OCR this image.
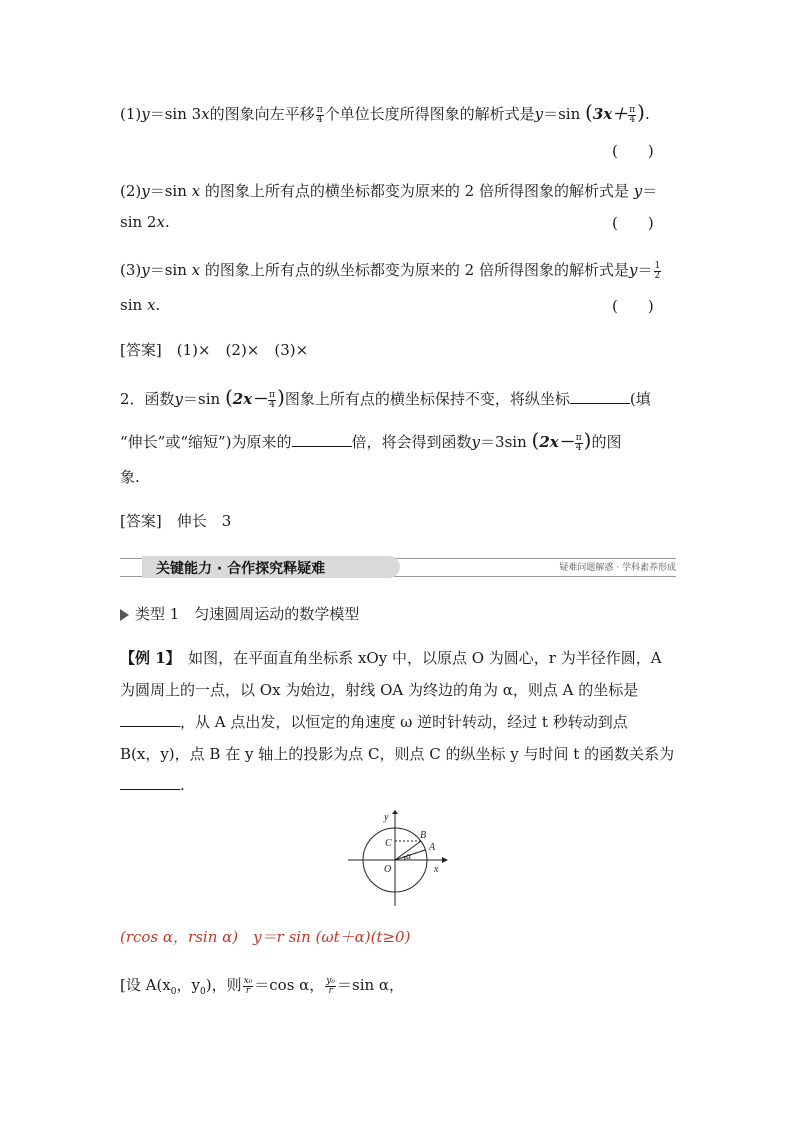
(1)y＝sin 3x的图象向左平移 $\frac{\pi}{4}$ 个单位长度所得图象的解析式是y＝sin ($3x+ \frac{\pi}{4}$ ).
(　　)
(2)y＝sin x 的图象上所有点的横坐标都变为原来的 2 倍所得图象的解析式是 y＝
sin 2x.	(　　)
(3)y＝sin x 的图象上所有点的纵坐标都变为原来的 2 倍所得图象的解析式是$y= \frac{1}{2}$
sin x.	(　　)
[答案]　 (1)×　(2)×　(3)×
2．函数y＝sin ($2x- \frac{\pi}{4}$ )图象上所有点的横坐标保持不变，将纵坐标	(填
“伸长”或“缩短”)为原来的	倍，将会得到函数y＝3sin ($2x- \frac{\pi}{4}$ )的图
象.
[答案]　 伸长　3
关键能力 · 合作探究释疑难	疑难问题解惑 · 学科素养形成
类型 1　匀速圆周运动的数学模型
【例 1】　如图，在平面直角坐标系 xOy 中，以原点 O 为圆心，r 为半径作圆，A
为圆周上的一点，以 Ox 为始边，射线 OA 为终边的角为 α，则点 A 的坐标是
，从 A 点出发，以恒定的角速度 ω 逆时针转动，经过 t 秒转动到点
B(x，y)，点 B 在 y 轴上的投影为点 C，则点 C 的纵坐标 y 与时间 t 的函数关系为
.
y
x
O
A
B
C
α
(rcos α，rsin α)　 y＝r sin (ωt＋α)(t≥0)
[设 $A(x_0$，$y_0$)，则 $\frac{\text{x₀}}{r} =\cos$ α， $\frac{\text{y₀}}{r} =\sin$ α，
